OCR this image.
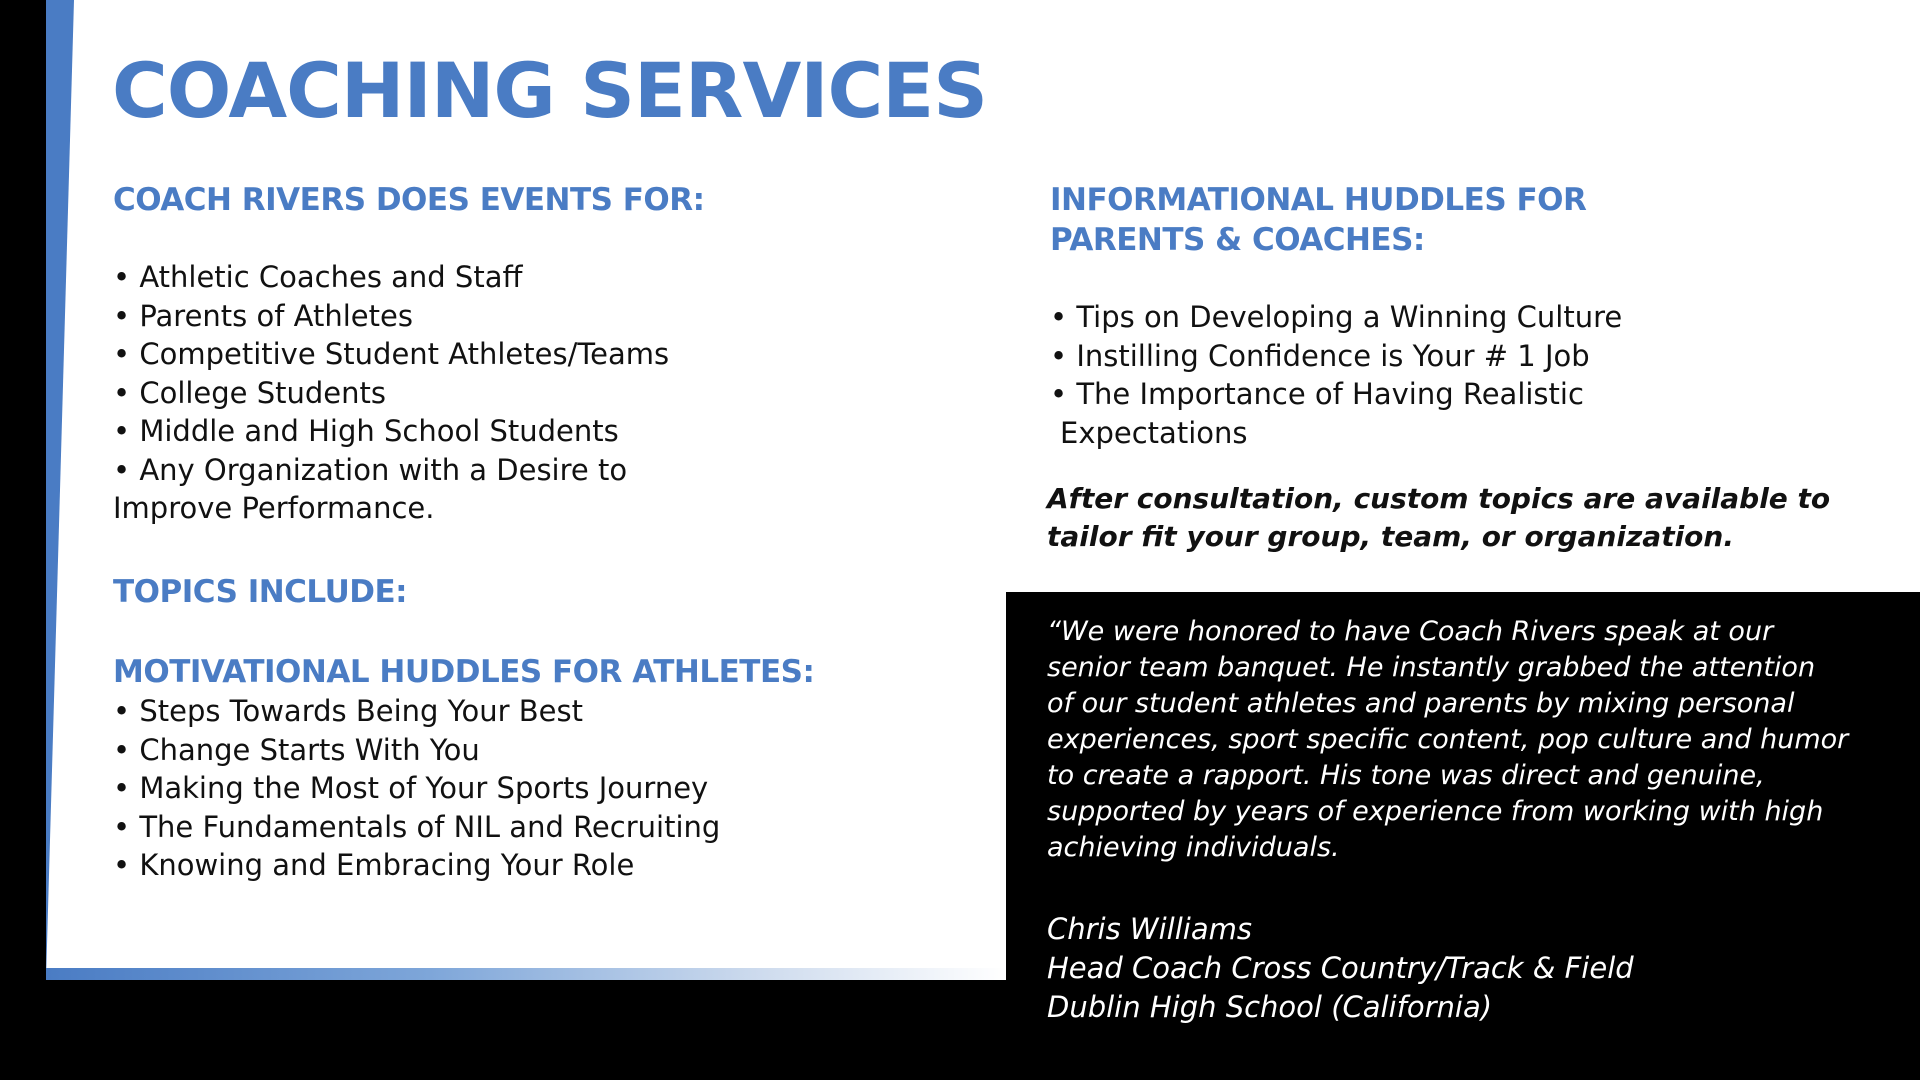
COACHING SERVICES
COACH RIVERS DOES EVENTS FOR:
• Athletic Coaches and Staff
• Parents of Athletes
• Competitive Student Athletes/Teams
• College Students
• Middle and High School Students
• Any Organization with a Desire to
Improve Performance.
TOPICS INCLUDE:
MOTIVATIONAL HUDDLES FOR ATHLETES:
• Steps Towards Being Your Best
• Change Starts With You
• Making the Most of Your Sports Journey
• The Fundamentals of NIL and Recruiting
• Knowing and Embracing Your Role
INFORMATIONAL HUDDLES FOR
PARENTS & COACHES:
• Tips on Developing a Winning Culture
• Instilling Confidence is Your # 1 Job
• The Importance of Having Realistic
Expectations

After consultation, custom topics are available to

tailor fit your group, team, or organization.

“We were honored to have Coach Rivers speak at our

senior team banquet. He instantly grabbed the attention

of our student athletes and parents by mixing personal

experiences, sport specific content, pop culture and humor

to create a rapport. His tone was direct and genuine,

supported by years of experience from working with high

achieving individuals.

Chris Williams

Head Coach Cross Country/Track & Field

Dublin High School (California)
